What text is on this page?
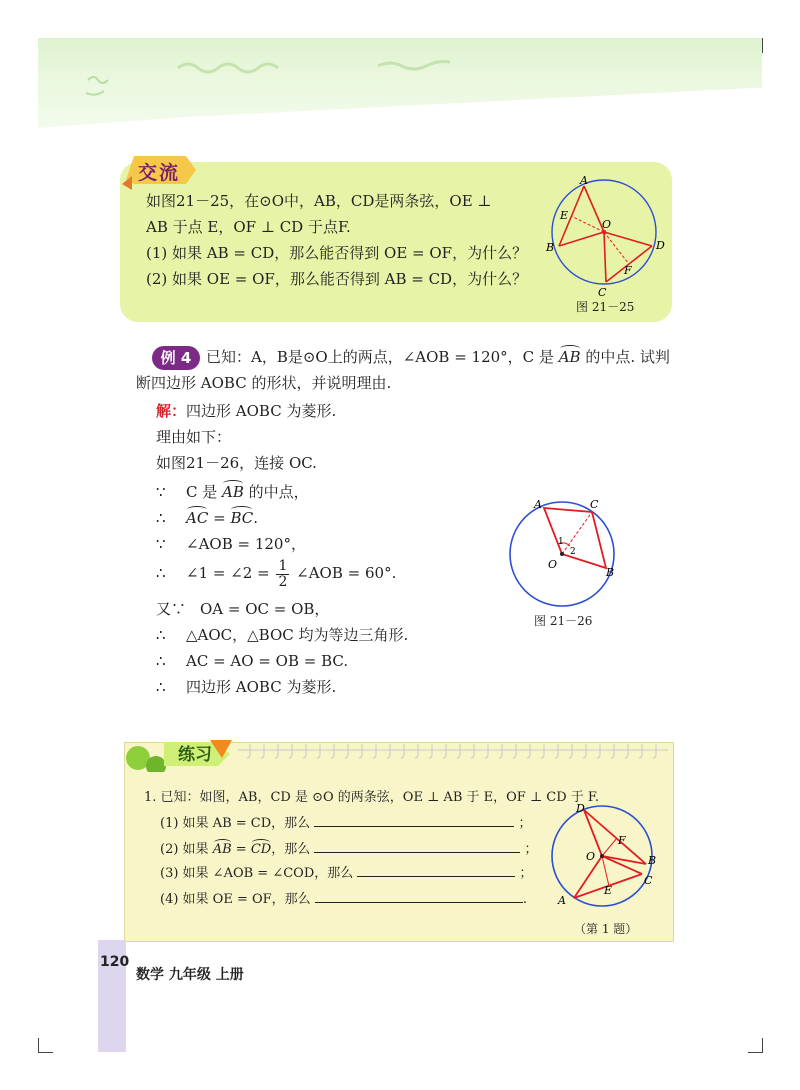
交流
如图21－25，在⊙O中，AB，CD是两条弦，OE ⊥
AB 于点 E，OF ⊥ CD 于点F.
(1) 如果 AB = CD，那么能否得到 OE = OF，为什么？
(2) 如果 OE = OF，那么能否得到 AB = CD，为什么？
A
B
C
D
E
F
O
图 21－25
例 4 已知：A，B是⊙O上的两点，∠AOB = 120°，C 是 AB 的中点. 试判
断四边形 AOBC 的形状，并说明理由.
解：四边形 AOBC 为菱形.
理由如下：
如图21－26，连接 OC.
∵ C 是 AB 的中点，
∴ AC = BC.
∵ ∠AOB = 120°，
∴ ∠1 = ∠2 = $\frac{1}{2}$ ∠AOB = 60°.
又∵ OA = OC = OB，
∴ △AOC，△BOC 均为等边三角形.
∴ AC = AO = OB = BC.
∴ 四边形 AOBC 为菱形.
A
B
C
O
1
2
图 21－26
练习
1. 已知：如图，AB，CD 是 ⊙O 的两条弦，OE ⊥ AB 于 E，OF ⊥ CD 于 F.
(1) 如果 AB = CD，那么	；
(2) 如果 AB = CD，那么	；
(3) 如果 ∠AOB = ∠COD，那么	；
(4) 如果 OE = OF，那么	.
D
B
C
A
E
F
O
（第 1 题）
120
数学 九年级 上册
